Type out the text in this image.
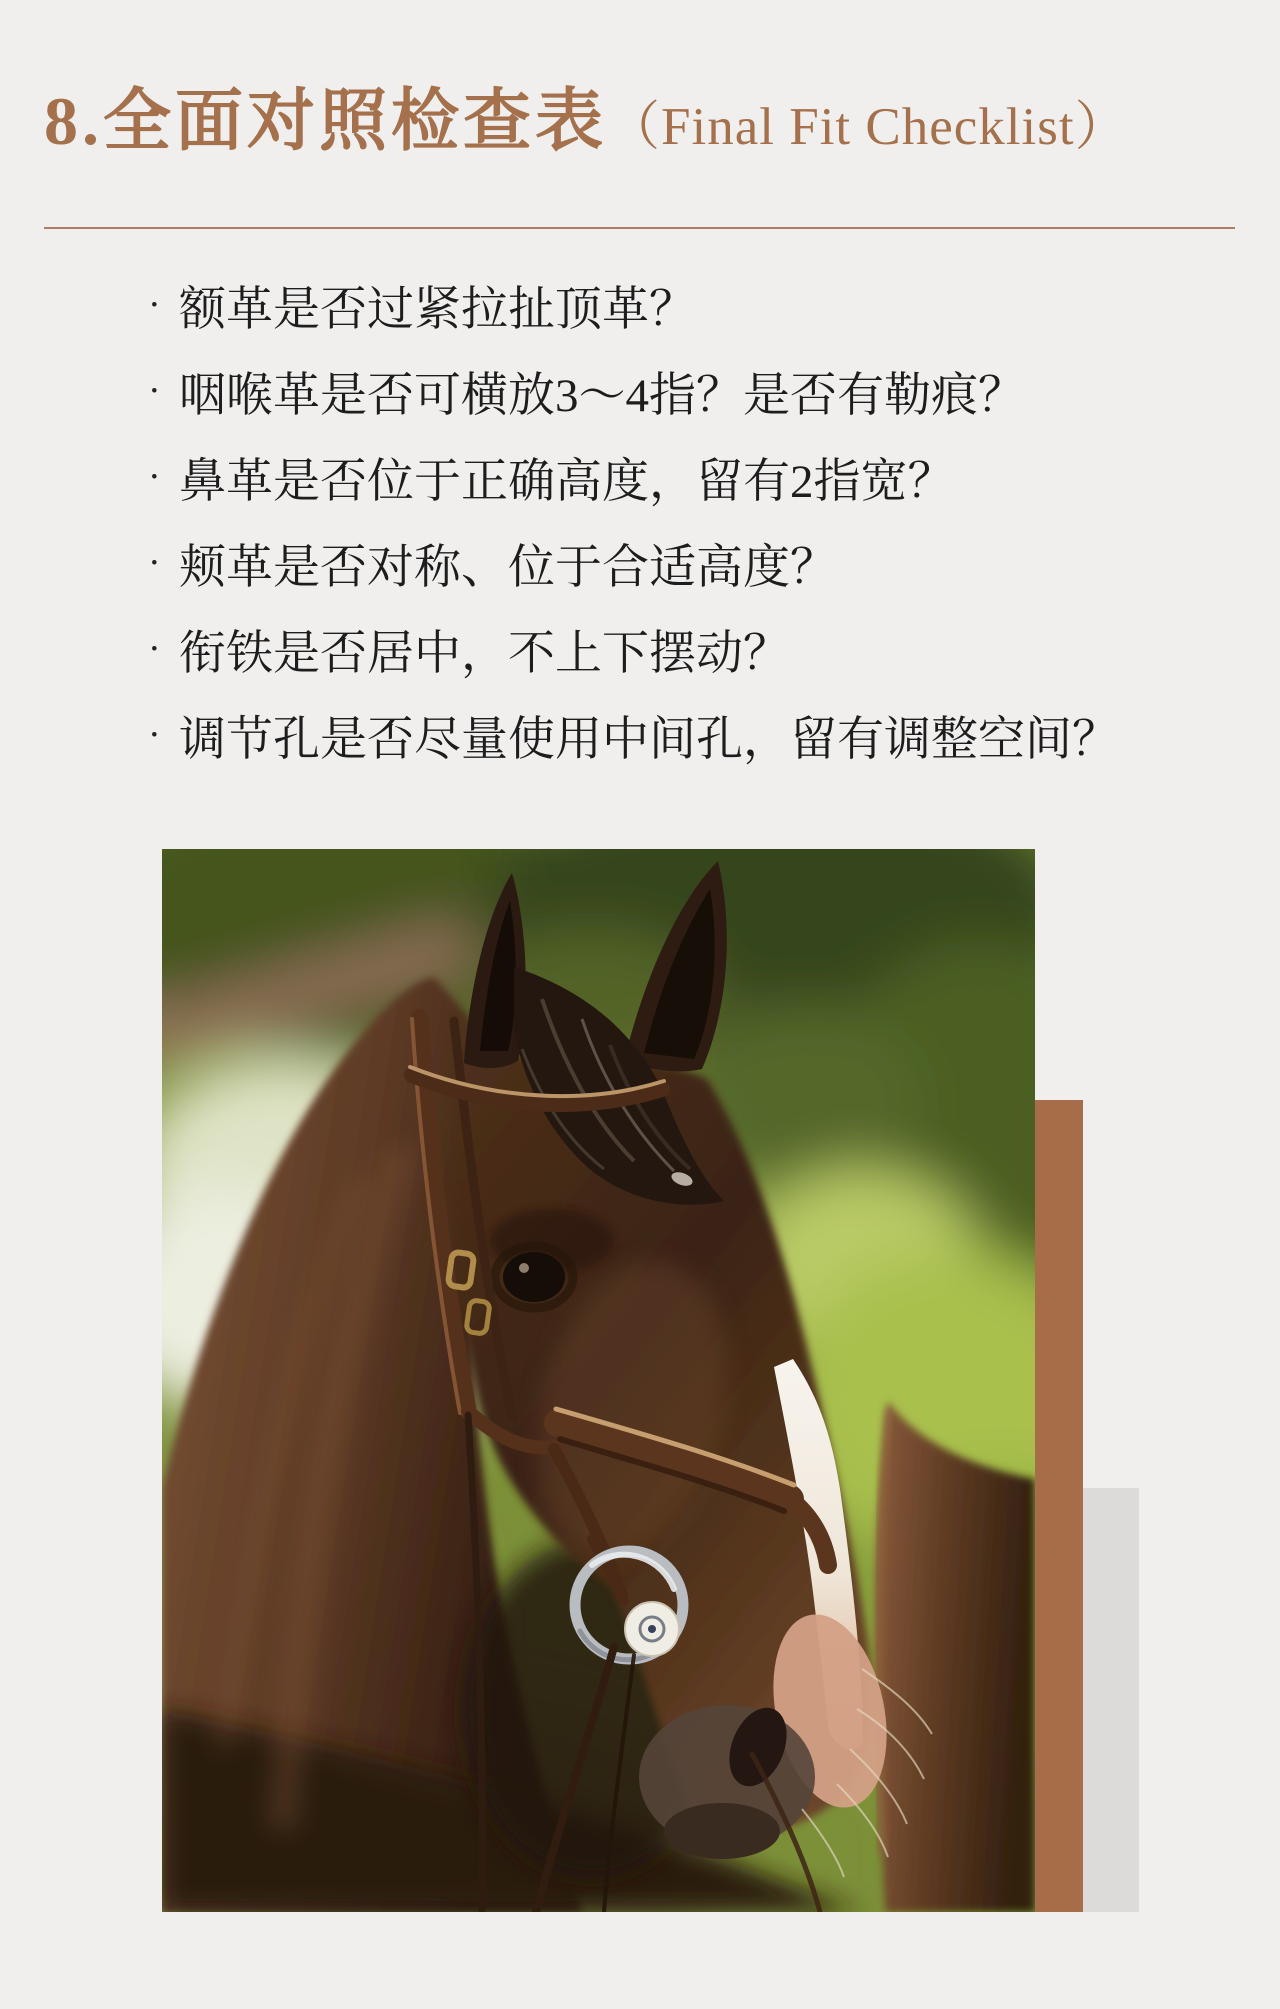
8.全面对照检查表（Final Fit Checklist）
· 额革是否过紧拉扯顶革？
· 咽喉革是否可横放3～4指？是否有勒痕？
· 鼻革是否位于正确高度，留有2指宽？
· 颊革是否对称、位于合适高度？
· 衔铁是否居中，不上下摆动？
· 调节孔是否尽量使用中间孔，留有调整空间？
